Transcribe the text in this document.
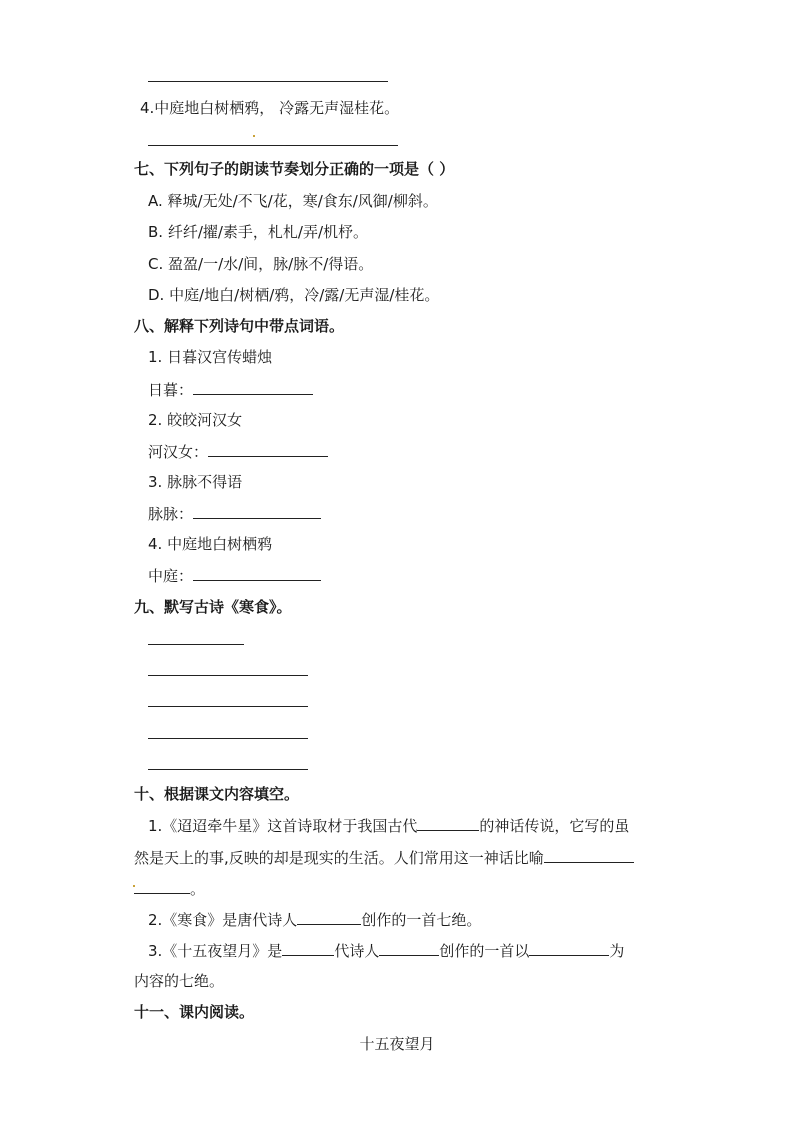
4.中庭地白树栖鸦， 冷露无声湿桂花。
七、下列句子的朗读节奏划分正确的一项是（ ）
A. 释城/无处/不飞/花，寒/食东/风御/柳斜。
B. 纤纤/擢/素手，札札/弄/机杼。
C. 盈盈/一/水/间，脉/脉不/得语。
D. 中庭/地白/树栖/鸦，冷/露/无声湿/桂花。
八、解释下列诗句中带点词语。
1. 日暮汉宫传蜡烛
日暮：
2. 皎皎河汉女
河汉女：
3. 脉脉不得语
脉脉：
4. 中庭地白树栖鸦
中庭：
九、默写古诗《寒食》。
十、根据课文内容填空。
1.《迢迢牵牛星》这首诗取材于我国古代	的神话传说，它写的虽
然是天上的事,反映的却是现实的生活。人们常用这一神话比喻
。
2.《寒食》是唐代诗人	创作的一首七绝。
3.《十五夜望月》是	代诗人	创作的一首以	为
内容的七绝。
十一、课内阅读。
十五夜望月
